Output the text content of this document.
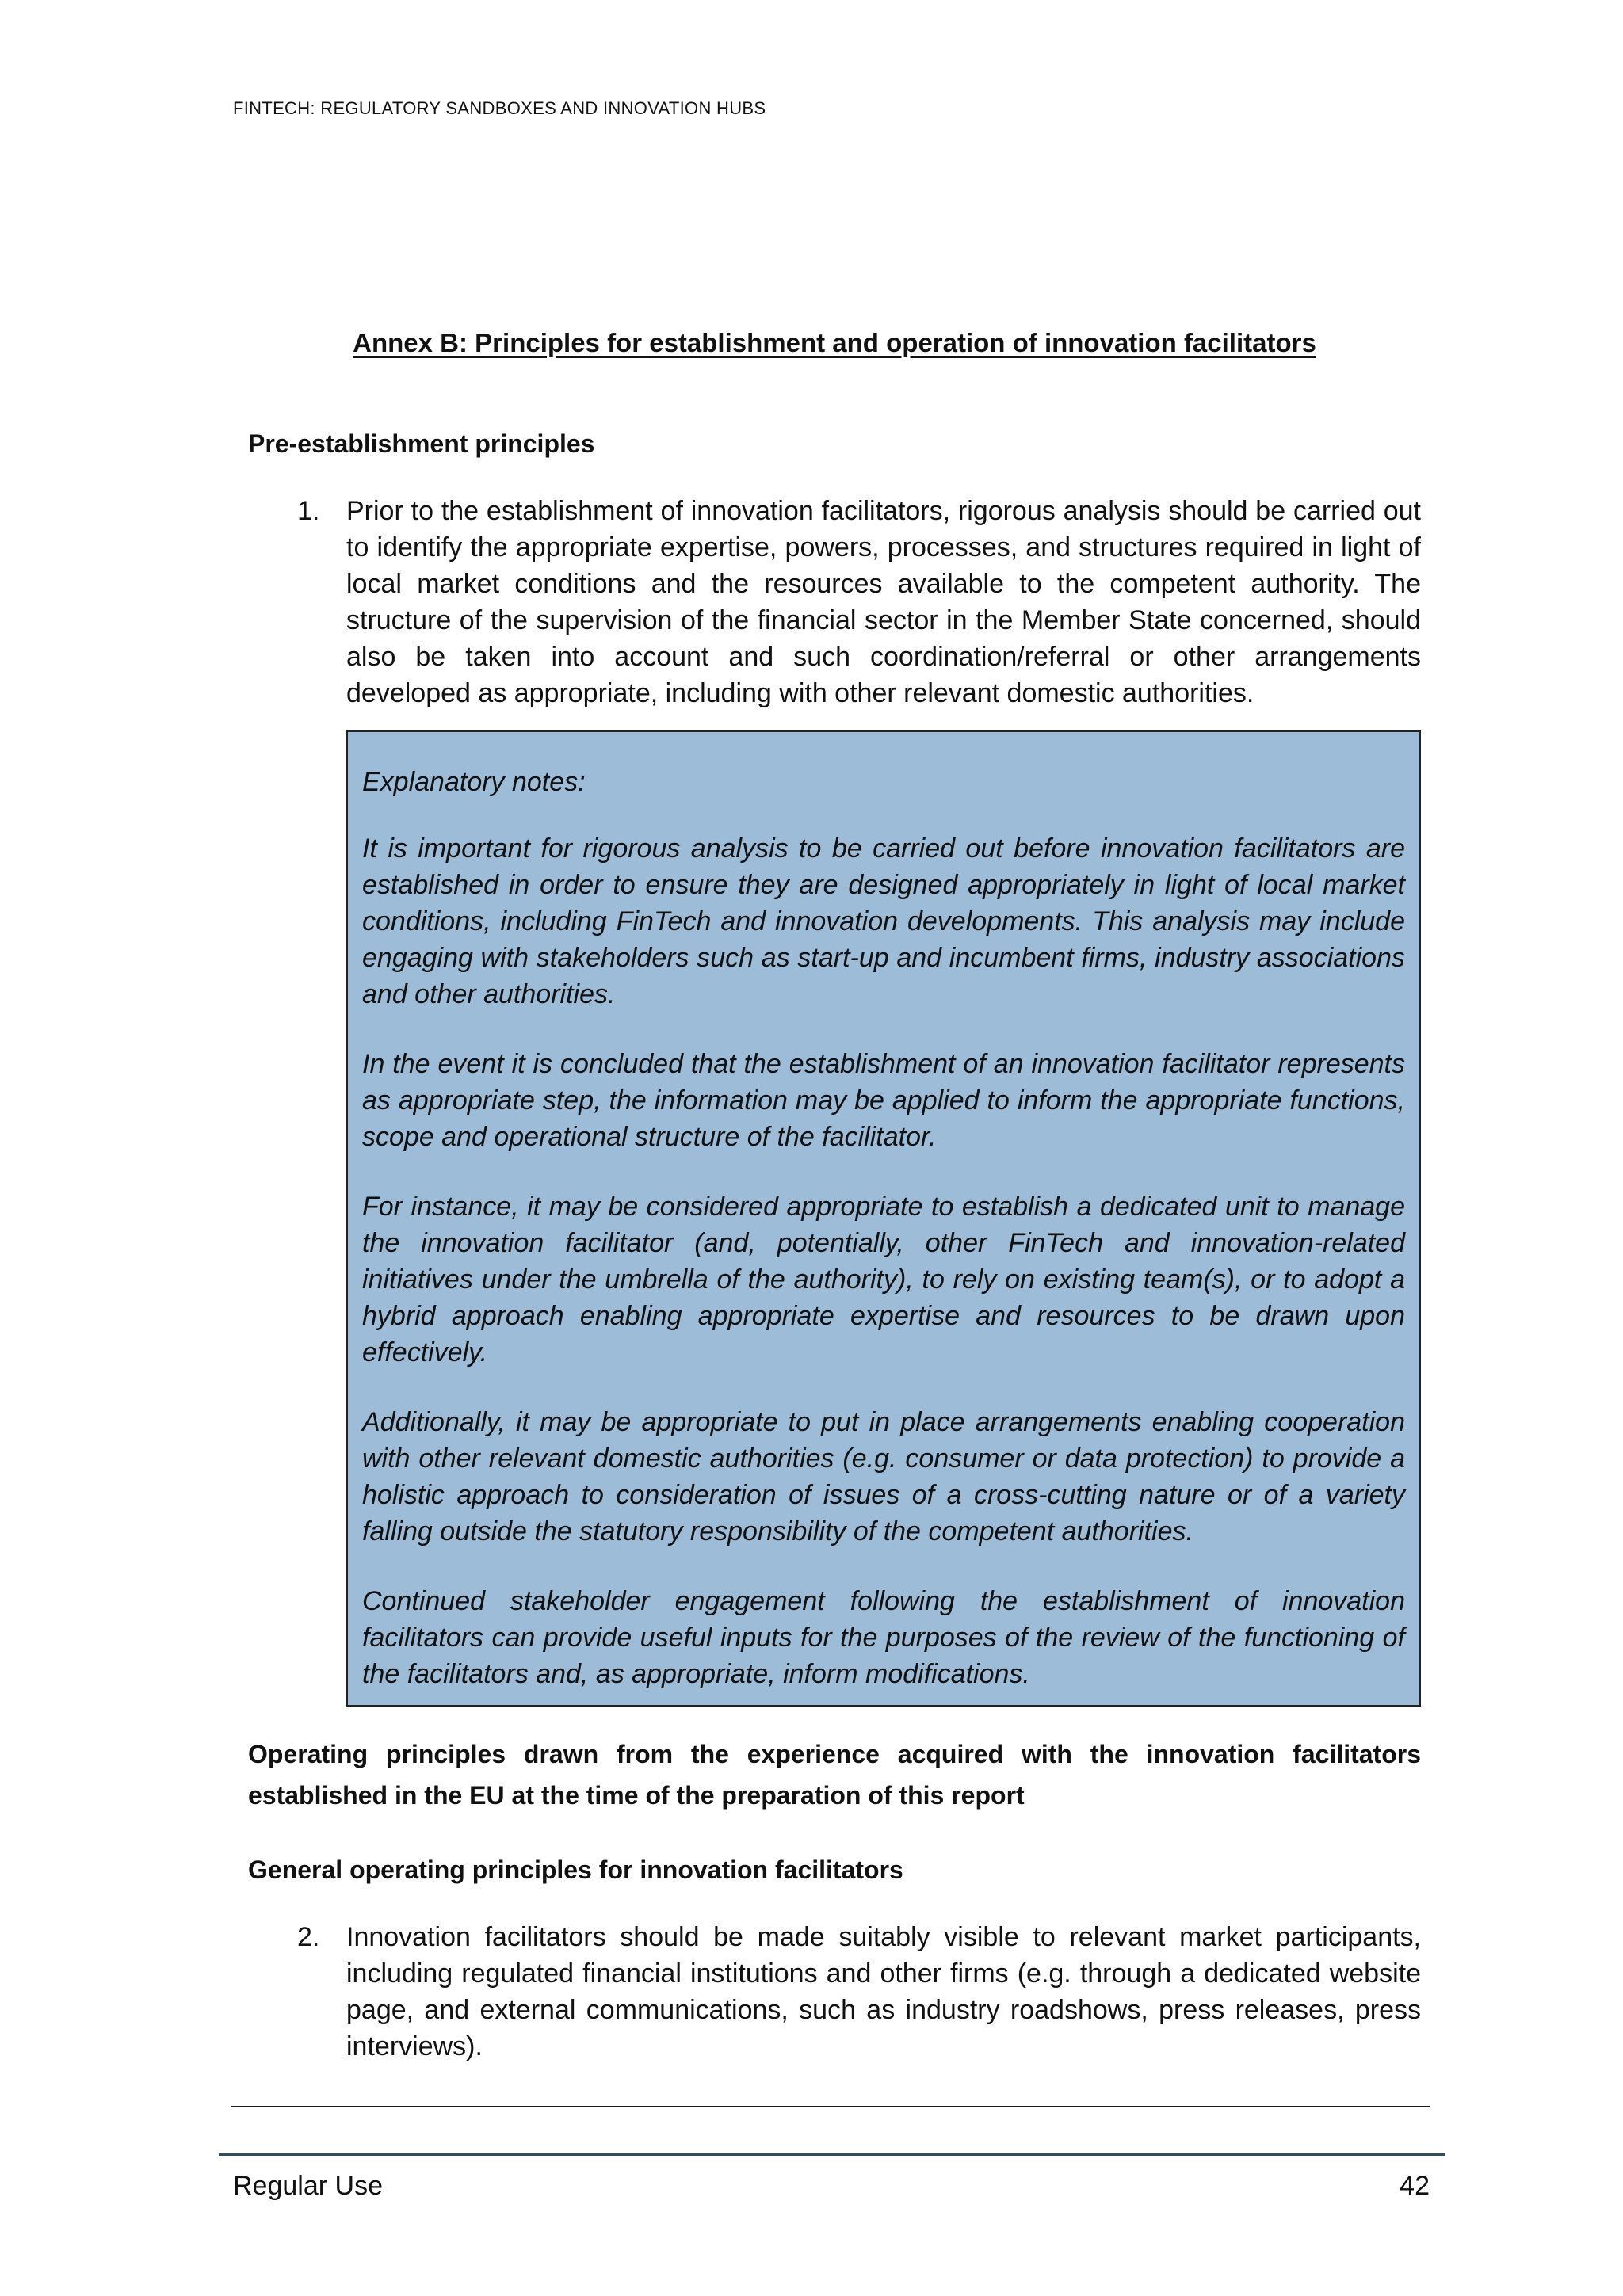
FINTECH: REGULATORY SANDBOXES AND INNOVATION HUBS
Annex B: Principles for establishment and operation of innovation facilitators
Pre-establishment principles
1. Prior to the establishment of innovation facilitators, rigorous analysis should be carried out to identify the appropriate expertise, powers, processes, and structures required in light of local market conditions and the resources available to the competent authority. The structure of the supervision of the financial sector in the Member State concerned, should also be taken into account and such coordination/referral or other arrangements developed as appropriate, including with other relevant domestic authorities.

Explanatory notes:

It is important for rigorous analysis to be carried out before innovation facilitators are established in order to ensure they are designed appropriately in light of local market conditions, including FinTech and innovation developments. This analysis may include engaging with stakeholders such as start-up and incumbent firms, industry associations and other authorities.

In the event it is concluded that the establishment of an innovation facilitator represents as appropriate step, the information may be applied to inform the appropriate functions, scope and operational structure of the facilitator.

For instance, it may be considered appropriate to establish a dedicated unit to manage the innovation facilitator (and, potentially, other FinTech and innovation-related initiatives under the umbrella of the authority), to rely on existing team(s), or to adopt a hybrid approach enabling appropriate expertise and resources to be drawn upon effectively.

Additionally, it may be appropriate to put in place arrangements enabling cooperation with other relevant domestic authorities (e.g. consumer or data protection) to provide a holistic approach to consideration of issues of a cross-cutting nature or of a variety falling outside the statutory responsibility of the competent authorities.

Continued stakeholder engagement following the establishment of innovation facilitators can provide useful inputs for the purposes of the review of the functioning of the facilitators and, as appropriate, inform modifications.

Operating principles drawn from the experience acquired with the innovation facilitators established in the EU at the time of the preparation of this report
General operating principles for innovation facilitators
2. Innovation facilitators should be made suitably visible to relevant market participants, including regulated financial institutions and other firms (e.g. through a dedicated website page, and external communications, such as industry roadshows, press releases, press interviews).
Regular Use	42
